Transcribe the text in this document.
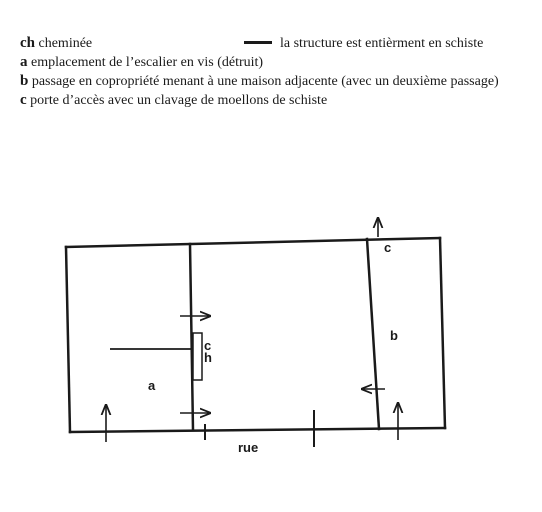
ch cheminée	la structure est entièrment en schiste
a emplacement de l’escalier en vis (détruit)
b passage en copropriété menant à une maison adjacente (avec un deuxième passage)
c porte d’accès avec un clavage de moellons de schiste
c
c
h
a
b
rue
